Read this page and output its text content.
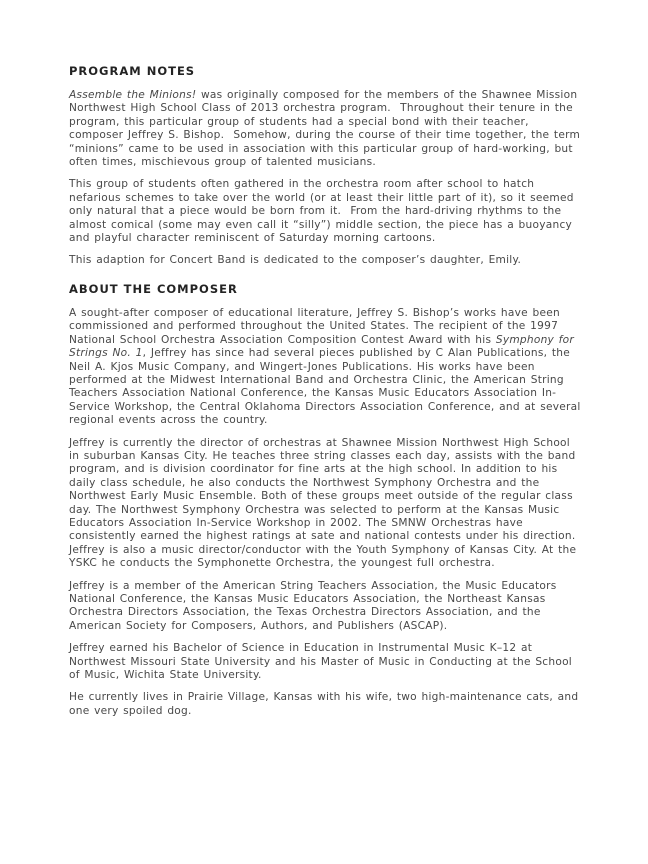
PROGRAM NOTES

Assemble the Minions! was originally composed for the members of the Shawnee Mission Northwest High School Class of 2013 orchestra program.  Throughout their tenure in the program, this particular group of students had a special bond with their teacher, composer Jeffrey S. Bishop.  Somehow, during the course of their time together, the term “minions” came to be used in association with this particular group of hard-working, but often times, mischievous group of talented musicians.

This group of students often gathered in the orchestra room after school to hatch nefarious schemes to take over the world (or at least their little part of it), so it seemed only natural that a piece would be born from it.  From the hard-driving rhythms to the almost comical (some may even call it “silly”) middle section, the piece has a buoyancy and playful character reminiscent of Saturday morning cartoons.

This adaption for Concert Band is dedicated to the composer’s daughter, Emily.

ABOUT THE COMPOSER

A sought-after composer of educational literature, Jeffrey S. Bishop’s works have been commissioned and performed throughout the United States. The recipient of the 1997 National School Orchestra Association Composition Contest Award with his Symphony for Strings No. 1, Jeffrey has since had several pieces published by C Alan Publications, the Neil A. Kjos Music Company, and Wingert-Jones Publications. His works have been performed at the Midwest International Band and Orchestra Clinic, the American String Teachers Association National Conference, the Kansas Music Educators Association In-Service Workshop, the Central Oklahoma Directors Association Conference, and at several regional events across the country.

Jeffrey is currently the director of orchestras at Shawnee Mission Northwest High School in suburban Kansas City. He teaches three string classes each day, assists with the band program, and is division coordinator for fine arts at the high school. In addition to his daily class schedule, he also conducts the Northwest Symphony Orchestra and the Northwest Early Music Ensemble. Both of these groups meet outside of the regular class day. The Northwest Symphony Orchestra was selected to perform at the Kansas Music Educators Association In-Service Workshop in 2002. The SMNW Orchestras have consistently earned the highest ratings at sate and national contests under his direction. Jeffrey is also a music director/conductor with the Youth Symphony of Kansas City. At the YSKC he conducts the Symphonette Orchestra, the youngest full orchestra.

Jeffrey is a member of the American String Teachers Association, the Music Educators National Conference, the Kansas Music Educators Association, the Northeast Kansas Orchestra Directors Association, the Texas Orchestra Directors Association, and the American Society for Composers, Authors, and Publishers (ASCAP).

Jeffrey earned his Bachelor of Science in Education in Instrumental Music K–12 at Northwest Missouri State University and his Master of Music in Conducting at the School of Music, Wichita State University.

He currently lives in Prairie Village, Kansas with his wife, two high-maintenance cats, and one very spoiled dog.
